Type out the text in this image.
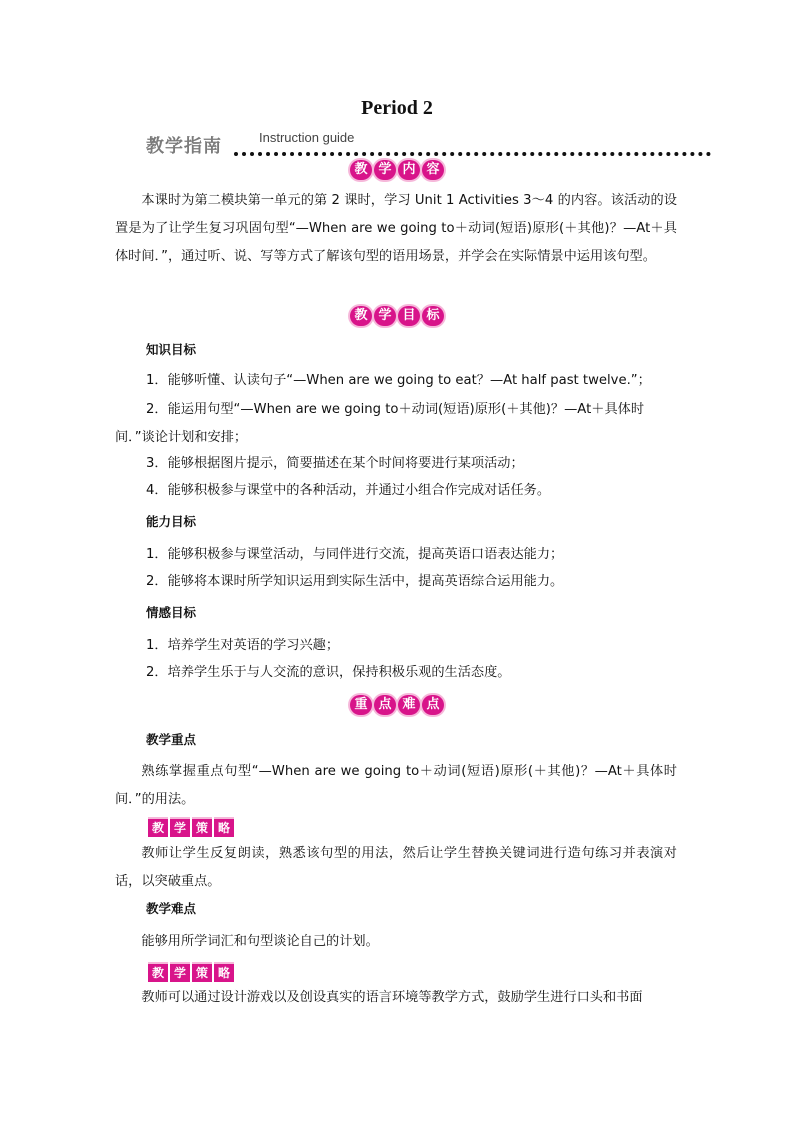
Period 2
教学指南	Instruction guide
教 学 内 容
本课时为第二模块第一单元的第 2 课时，学习 Unit 1 Activities 3～4 的内容。该活动的设置是为了让学生复习巩固句型“—When are we going to＋动词(短语)原形(＋其他)？—At＋具体时间．”，通过听、说、写等方式了解该句型的语用场景，并学会在实际情景中运用该句型。
教 学 目 标
知识目标
1．能够听懂、认读句子“—When are we going to eat？—At half past twelve.”；
2．能运用句型“—When are we going to＋动词(短语)原形(＋其他)？—At＋具体时间．”谈论计划和安排；
3．能够根据图片提示，简要描述在某个时间将要进行某项活动；
4．能够积极参与课堂中的各种活动，并通过小组合作完成对话任务。
能力目标
1．能够积极参与课堂活动，与同伴进行交流，提高英语口语表达能力；
2．能够将本课时所学知识运用到实际生活中，提高英语综合运用能力。
情感目标
1．培养学生对英语的学习兴趣；
2．培养学生乐于与人交流的意识，保持积极乐观的生活态度。
重 点 难 点
教学重点
熟练掌握重点句型“—When are we going to＋动词(短语)原形(＋其他)？—At＋具体时间．”的用法。
教 学 策 略
教师让学生反复朗读，熟悉该句型的用法，然后让学生替换关键词进行造句练习并表演对话，以突破重点。
教学难点
能够用所学词汇和句型谈论自己的计划。
教 学 策 略
教师可以通过设计游戏以及创设真实的语言环境等教学方式，鼓励学生进行口头和书面
